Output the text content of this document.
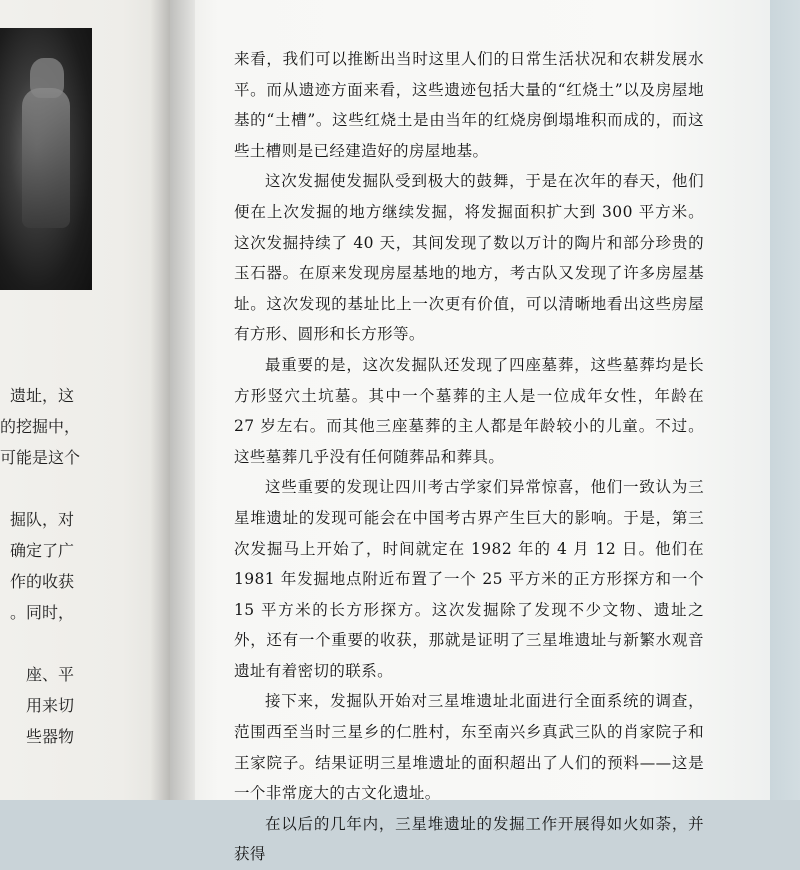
遗址，这
的挖掘中，
可能是这个
掘队，对
确定了广
作的收获
。同时，
座、平
用来切
些器物

来看，我们可以推断出当时这里人们的日常生活状况和农耕发展水平。而从遗迹方面来看，这些遗迹包括大量的“红烧土”以及房屋地基的“土槽”。这些红烧土是由当年的红烧房倒塌堆积而成的，而这些土槽则是已经建造好的房屋地基。

这次发掘使发掘队受到极大的鼓舞，于是在次年的春天，他们便在上次发掘的地方继续发掘，将发掘面积扩大到 300 平方米。这次发掘持续了 40 天，其间发现了数以万计的陶片和部分珍贵的玉石器。在原来发现房屋基地的地方，考古队又发现了许多房屋基址。这次发现的基址比上一次更有价值，可以清晰地看出这些房屋有方形、圆形和长方形等。

最重要的是，这次发掘队还发现了四座墓葬，这些墓葬均是长方形竖穴土坑墓。其中一个墓葬的主人是一位成年女性，年龄在 27 岁左右。而其他三座墓葬的主人都是年龄较小的儿童。不过。这些墓葬几乎没有任何随葬品和葬具。

这些重要的发现让四川考古学家们异常惊喜，他们一致认为三星堆遗址的发现可能会在中国考古界产生巨大的影响。于是，第三次发掘马上开始了，时间就定在 1982 年的 4 月 12 日。他们在 1981 年发掘地点附近布置了一个 25 平方米的正方形探方和一个 15 平方米的长方形探方。这次发掘除了发现不少文物、遗址之外，还有一个重要的收获，那就是证明了三星堆遗址与新繁水观音遗址有着密切的联系。

接下来，发掘队开始对三星堆遗址北面进行全面系统的调查，范围西至当时三星乡的仁胜村，东至南兴乡真武三队的肖家院子和王家院子。结果证明三星堆遗址的面积超出了人们的预料——这是一个非常庞大的古文化遗址。

在以后的几年内，三星堆遗址的发掘工作开展得如火如荼，并获得
